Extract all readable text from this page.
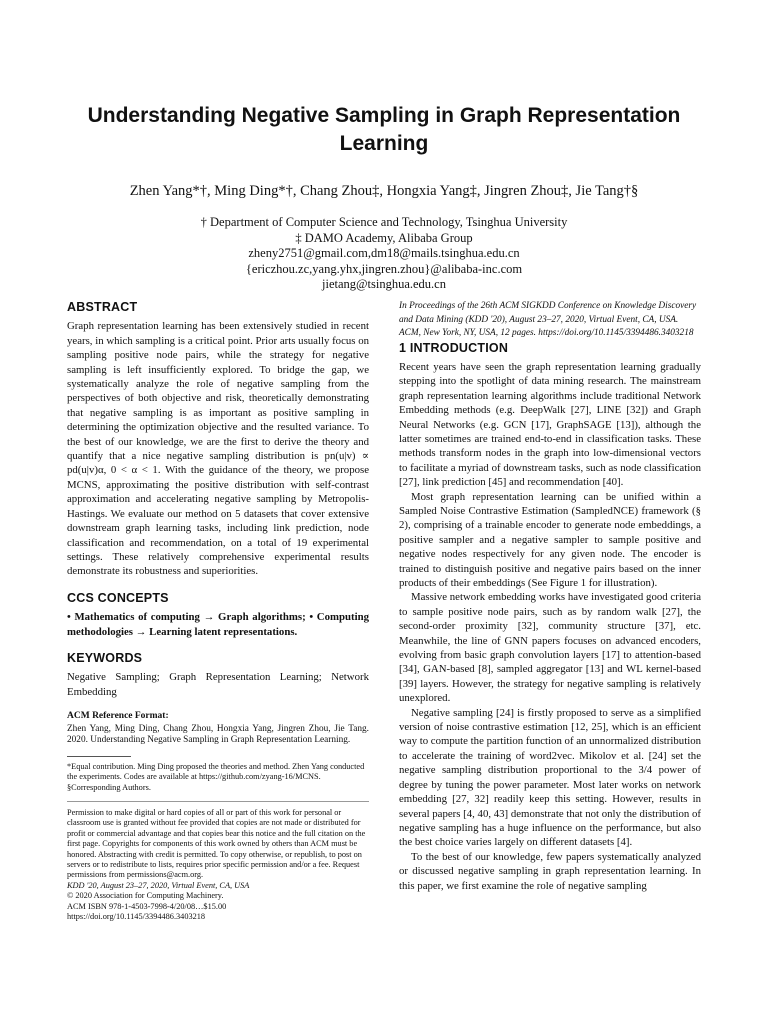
Understanding Negative Sampling in Graph Representation Learning

Zhen Yang*†, Ming Ding*†, Chang Zhou‡, Hongxia Yang‡, Jingren Zhou‡, Jie Tang†§

† Department of Computer Science and Technology, Tsinghua University
‡ DAMO Academy, Alibaba Group
zheny2751@gmail.com,dm18@mails.tsinghua.edu.cn
{ericzhou.zc,yang.yhx,jingren.zhou}@alibaba-inc.com
jietang@tsinghua.edu.cn
ABSTRACT

Graph representation learning has been extensively studied in recent years, in which sampling is a critical point. Prior arts usually focus on sampling positive node pairs, while the strategy for negative sampling is left insufficiently explored. To bridge the gap, we systematically analyze the role of negative sampling from the perspectives of both objective and risk, theoretically demonstrating that negative sampling is as important as positive sampling in determining the optimization objective and the resulted variance. To the best of our knowledge, we are the first to derive the theory and quantify that a nice negative sampling distribution is pn(u|v) ∝ pd(u|v)α, 0 < α < 1. With the guidance of the theory, we propose MCNS, approximating the positive distribution with self-contrast approximation and accelerating negative sampling by Metropolis-Hastings. We evaluate our method on 5 datasets that cover extensive downstream graph learning tasks, including link prediction, node classification and recommendation, on a total of 19 experimental settings. These relatively comprehensive experimental results demonstrate its robustness and superiorities.

CCS CONCEPTS

• Mathematics of computing → Graph algorithms; • Computing methodologies → Learning latent representations.

KEYWORDS

Negative Sampling; Graph Representation Learning; Network Embedding

ACM Reference Format:

Zhen Yang, Ming Ding, Chang Zhou, Hongxia Yang, Jingren Zhou, Jie Tang. 2020. Understanding Negative Sampling in Graph Representation Learning.

*Equal contribution. Ming Ding proposed the theories and method. Zhen Yang conducted the experiments. Codes are available at https://github.com/zyang-16/MCNS.

§Corresponding Authors.

Permission to make digital or hard copies of all or part of this work for personal or classroom use is granted without fee provided that copies are not made or distributed for profit or commercial advantage and that copies bear this notice and the full citation on the first page. Copyrights for components of this work owned by others than ACM must be honored. Abstracting with credit is permitted. To copy otherwise, or republish, to post on servers or to redistribute to lists, requires prior specific permission and/or a fee. Request permissions from permissions@acm.org.

KDD '20, August 23–27, 2020, Virtual Event, CA, USA

© 2020 Association for Computing Machinery.

ACM ISBN 978-1-4503-7998-4/20/08…$15.00

https://doi.org/10.1145/3394486.3403218

In Proceedings of the 26th ACM SIGKDD Conference on Knowledge Discovery and Data Mining (KDD '20), August 23–27, 2020, Virtual Event, CA, USA. ACM, New York, NY, USA, 12 pages. https://doi.org/10.1145/3394486.3403218

1 INTRODUCTION

Recent years have seen the graph representation learning gradually stepping into the spotlight of data mining research. The mainstream graph representation learning algorithms include traditional Network Embedding methods (e.g. DeepWalk [27], LINE [32]) and Graph Neural Networks (e.g. GCN [17], GraphSAGE [13]), although the latter sometimes are trained end-to-end in classification tasks. These methods transform nodes in the graph into low-dimensional vectors to facilitate a myriad of downstream tasks, such as node classification [27], link prediction [45] and recommendation [40].

Most graph representation learning can be unified within a Sampled Noise Contrastive Estimation (SampledNCE) framework (§ 2), comprising of a trainable encoder to generate node embeddings, a positive sampler and a negative sampler to sample positive and negative nodes respectively for any given node. The encoder is trained to distinguish positive and negative pairs based on the inner products of their embeddings (See Figure 1 for illustration).

Massive network embedding works have investigated good criteria to sample positive node pairs, such as by random walk [27], the second-order proximity [32], community structure [37], etc. Meanwhile, the line of GNN papers focuses on advanced encoders, evolving from basic graph convolution layers [17] to attention-based [34], GAN-based [8], sampled aggregator [13] and WL kernel-based [39] layers. However, the strategy for negative sampling is relatively unexplored.

Negative sampling [24] is firstly proposed to serve as a simplified version of noise contrastive estimation [12, 25], which is an efficient way to compute the partition function of an unnormalized distribution to accelerate the training of word2vec. Mikolov et al. [24] set the negative sampling distribution proportional to the 3/4 power of degree by tuning the power parameter. Most later works on network embedding [27, 32] readily keep this setting. However, results in several papers [4, 40, 43] demonstrate that not only the distribution of negative sampling has a huge influence on the performance, but also the best choice varies largely on different datasets [4].

To the best of our knowledge, few papers systematically analyzed or discussed negative sampling in graph representation learning. In this paper, we first examine the role of negative sampling
